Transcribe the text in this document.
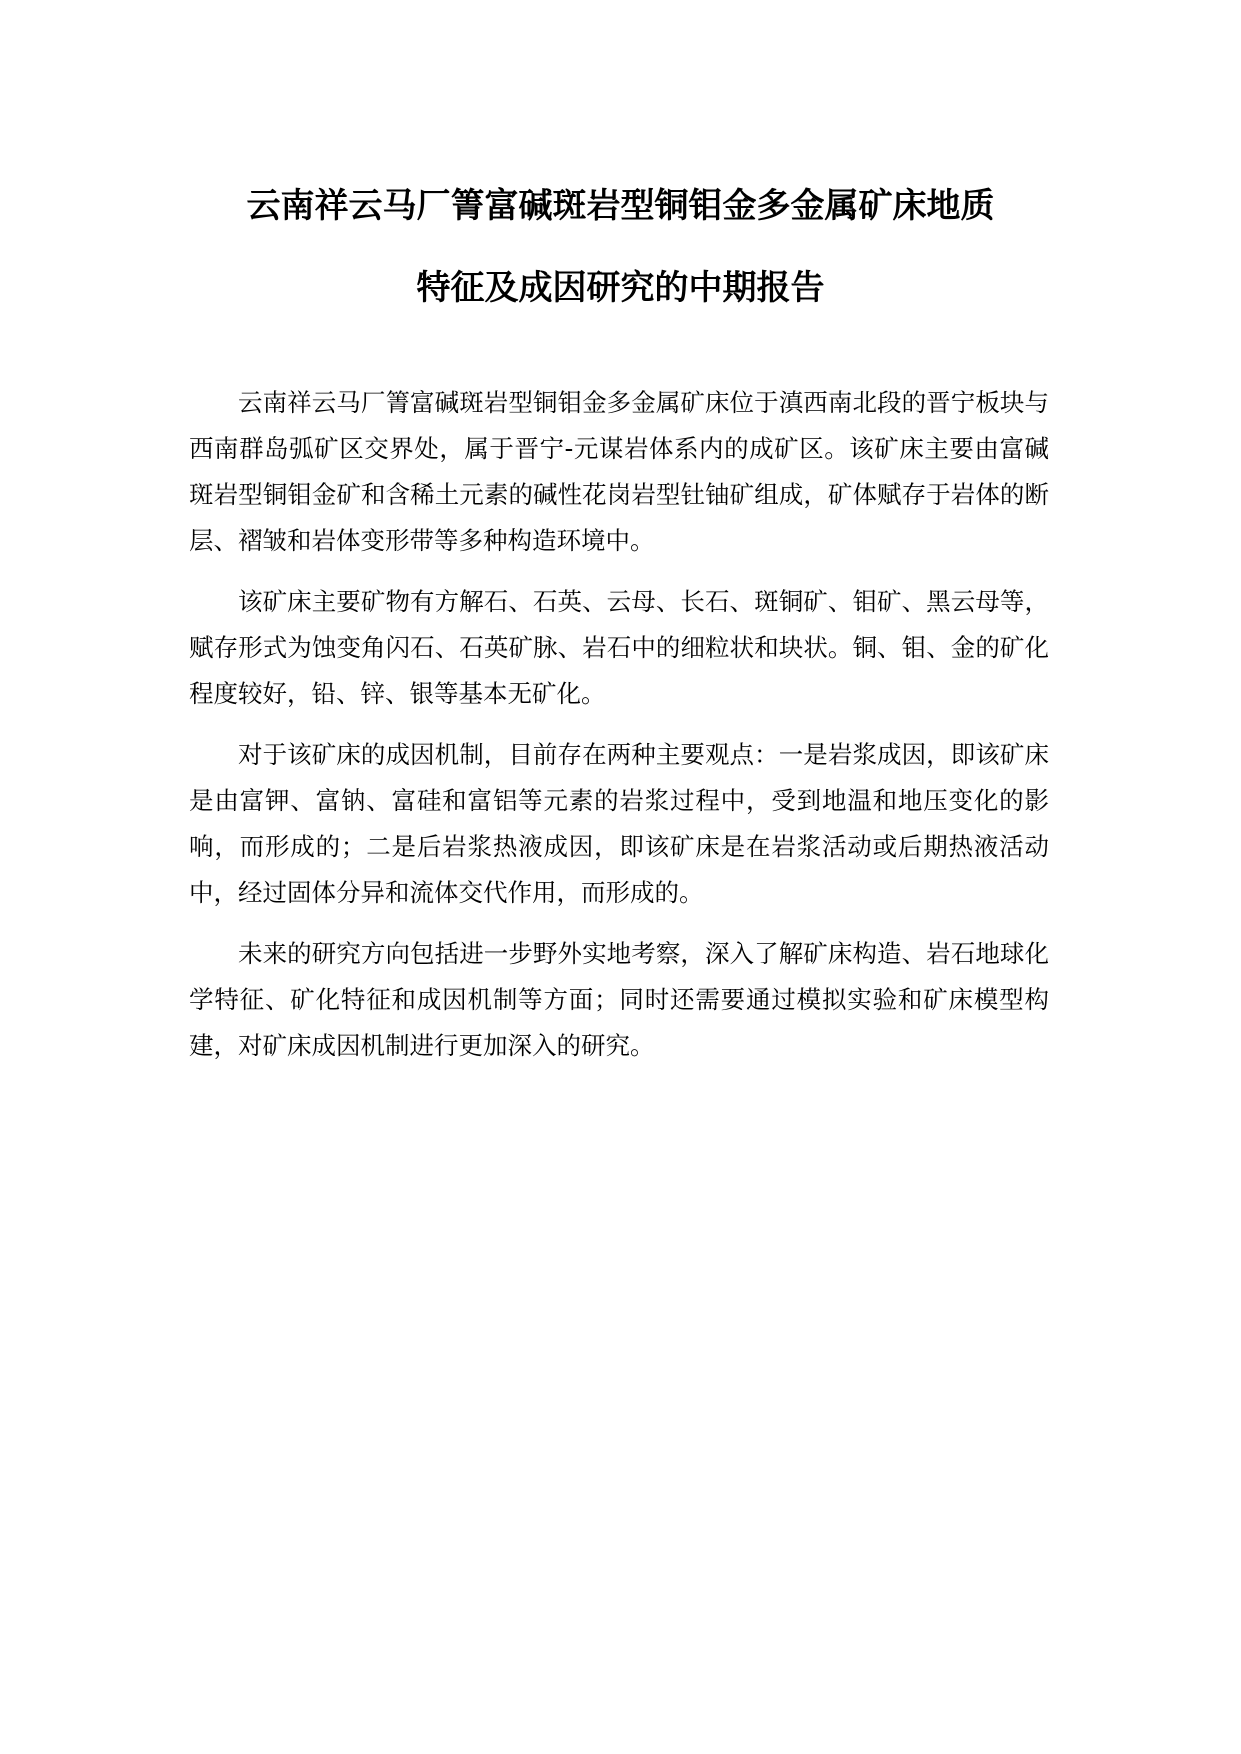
云南祥云马厂箐富碱斑岩型铜钼金多金属矿床地质
特征及成因研究的中期报告

云南祥云马厂箐富碱斑岩型铜钼金多金属矿床位于滇西南北段的晋宁板块与西南群岛弧矿区交界处，属于晋宁-元谋岩体系内的成矿区。该矿床主要由富碱斑岩型铜钼金矿和含稀土元素的碱性花岗岩型钍铀矿组成，矿体赋存于岩体的断层、褶皱和岩体变形带等多种构造环境中。

该矿床主要矿物有方解石、石英、云母、长石、斑铜矿、钼矿、黑云母等，赋存形式为蚀变角闪石、石英矿脉、岩石中的细粒状和块状。铜、钼、金的矿化程度较好，铅、锌、银等基本无矿化。

对于该矿床的成因机制，目前存在两种主要观点：一是岩浆成因，即该矿床是由富钾、富钠、富硅和富铝等元素的岩浆过程中，受到地温和地压变化的影响，而形成的；二是后岩浆热液成因，即该矿床是在岩浆活动或后期热液活动中，经过固体分异和流体交代作用，而形成的。

未来的研究方向包括进一步野外实地考察，深入了解矿床构造、岩石地球化学特征、矿化特征和成因机制等方面；同时还需要通过模拟实验和矿床模型构建，对矿床成因机制进行更加深入的研究。
